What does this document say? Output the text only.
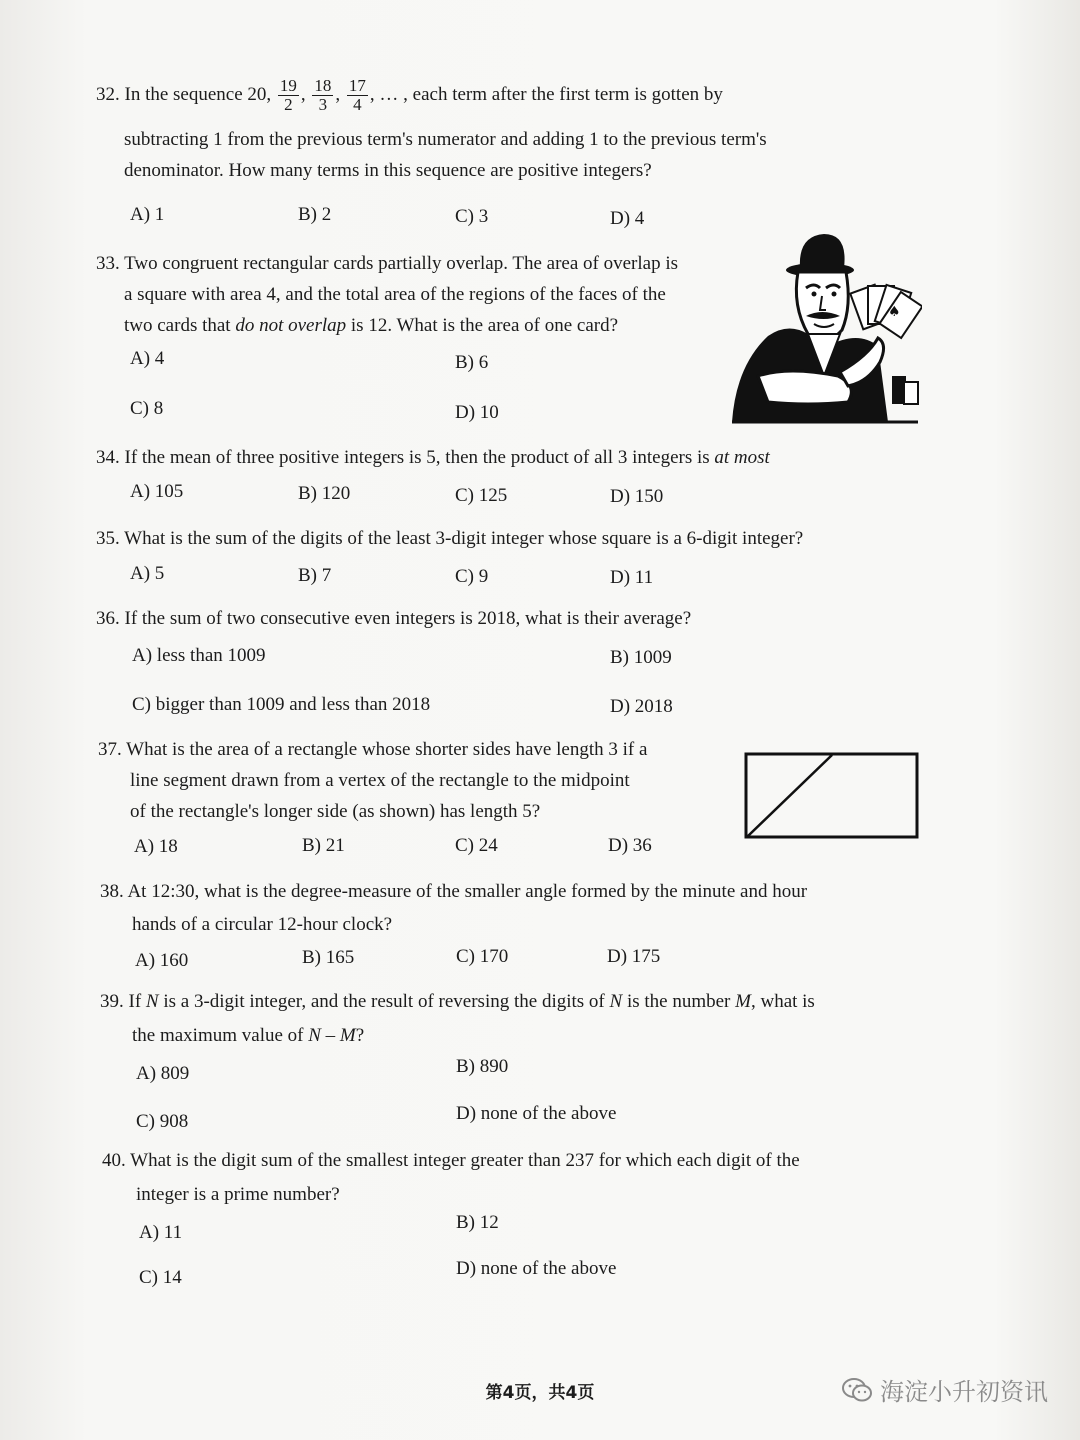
32. In the sequence 20, $\frac{19}{2}$ , $\frac{18}{3}$ , $\frac{17}{4}$ , … , each term after the first term is gotten by
subtracting 1 from the previous term's numerator and adding 1 to the previous term's
denominator. How many terms in this sequence are positive integers?
A) 1	B) 2	C) 3	D) 4
33. Two congruent rectangular cards partially overlap. The area of overlap is
a square with area 4, and the total area of the regions of the faces of the
two cards that do not overlap is 12. What is the area of one card?
A) 4	B) 6
C) 8	D) 10
♠
34. If the mean of three positive integers is 5, then the product of all 3 integers is at most
A) 105	B) 120	C) 125	D) 150
35. What is the sum of the digits of the least 3-digit integer whose square is a 6-digit integer?
A) 5	B) 7	C) 9	D) 11
36. If the sum of two consecutive even integers is 2018, what is their average?
A) less than 1009	B) 1009
C) bigger than 1009 and less than 2018	D) 2018
37. What is the area of a rectangle whose shorter sides have length 3 if a
line segment drawn from a vertex of the rectangle to the midpoint
of the rectangle's longer side (as shown) has length 5?
A) 18	B) 21	C) 24	D) 36
38. At 12:30, what is the degree-measure of the smaller angle formed by the minute and hour
hands of a circular 12-hour clock?
A) 160	B) 165	C) 170	D) 175
39. If N is a 3-digit integer, and the result of reversing the digits of N is the number M, what is
the maximum value of N – M?
A) 809	B) 890
C) 908	D) none of the above
40. What is the digit sum of the smallest integer greater than 237 for which each digit of the
integer is a prime number?
A) 11	B) 12
C) 14	D) none of the above
第4页，共4页	海淀小升初资讯
